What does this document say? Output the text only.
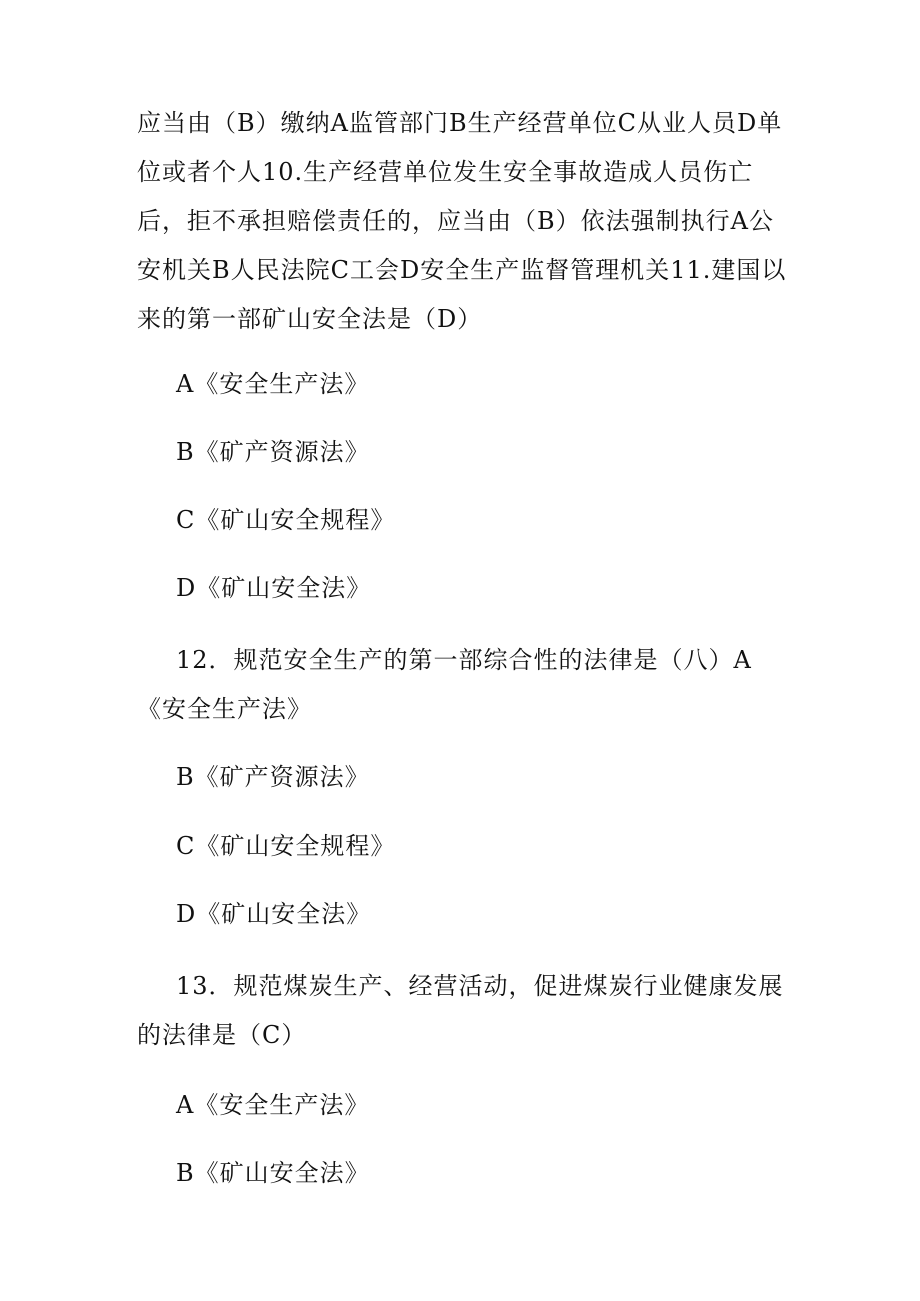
应当由（B）缴纳A监管部门B生产经营单位C从业人员D单位或者个人10.生产经营单位发生安全事故造成人员伤亡后，拒不承担赔偿责任的，应当由（B）依法强制执行A公安机关B人民法院C工会D安全生产监督管理机关11.建国以来的第一部矿山安全法是（D）

A《安全生产法》

B《矿产资源法》

C《矿山安全规程》

D《矿山安全法》

12．规范安全生产的第一部综合性的法律是（八）A《安全生产法》

B《矿产资源法》

C《矿山安全规程》

D《矿山安全法》

13．规范煤炭生产、经营活动，促进煤炭行业健康发展的法律是（C）

A《安全生产法》

B《矿山安全法》
